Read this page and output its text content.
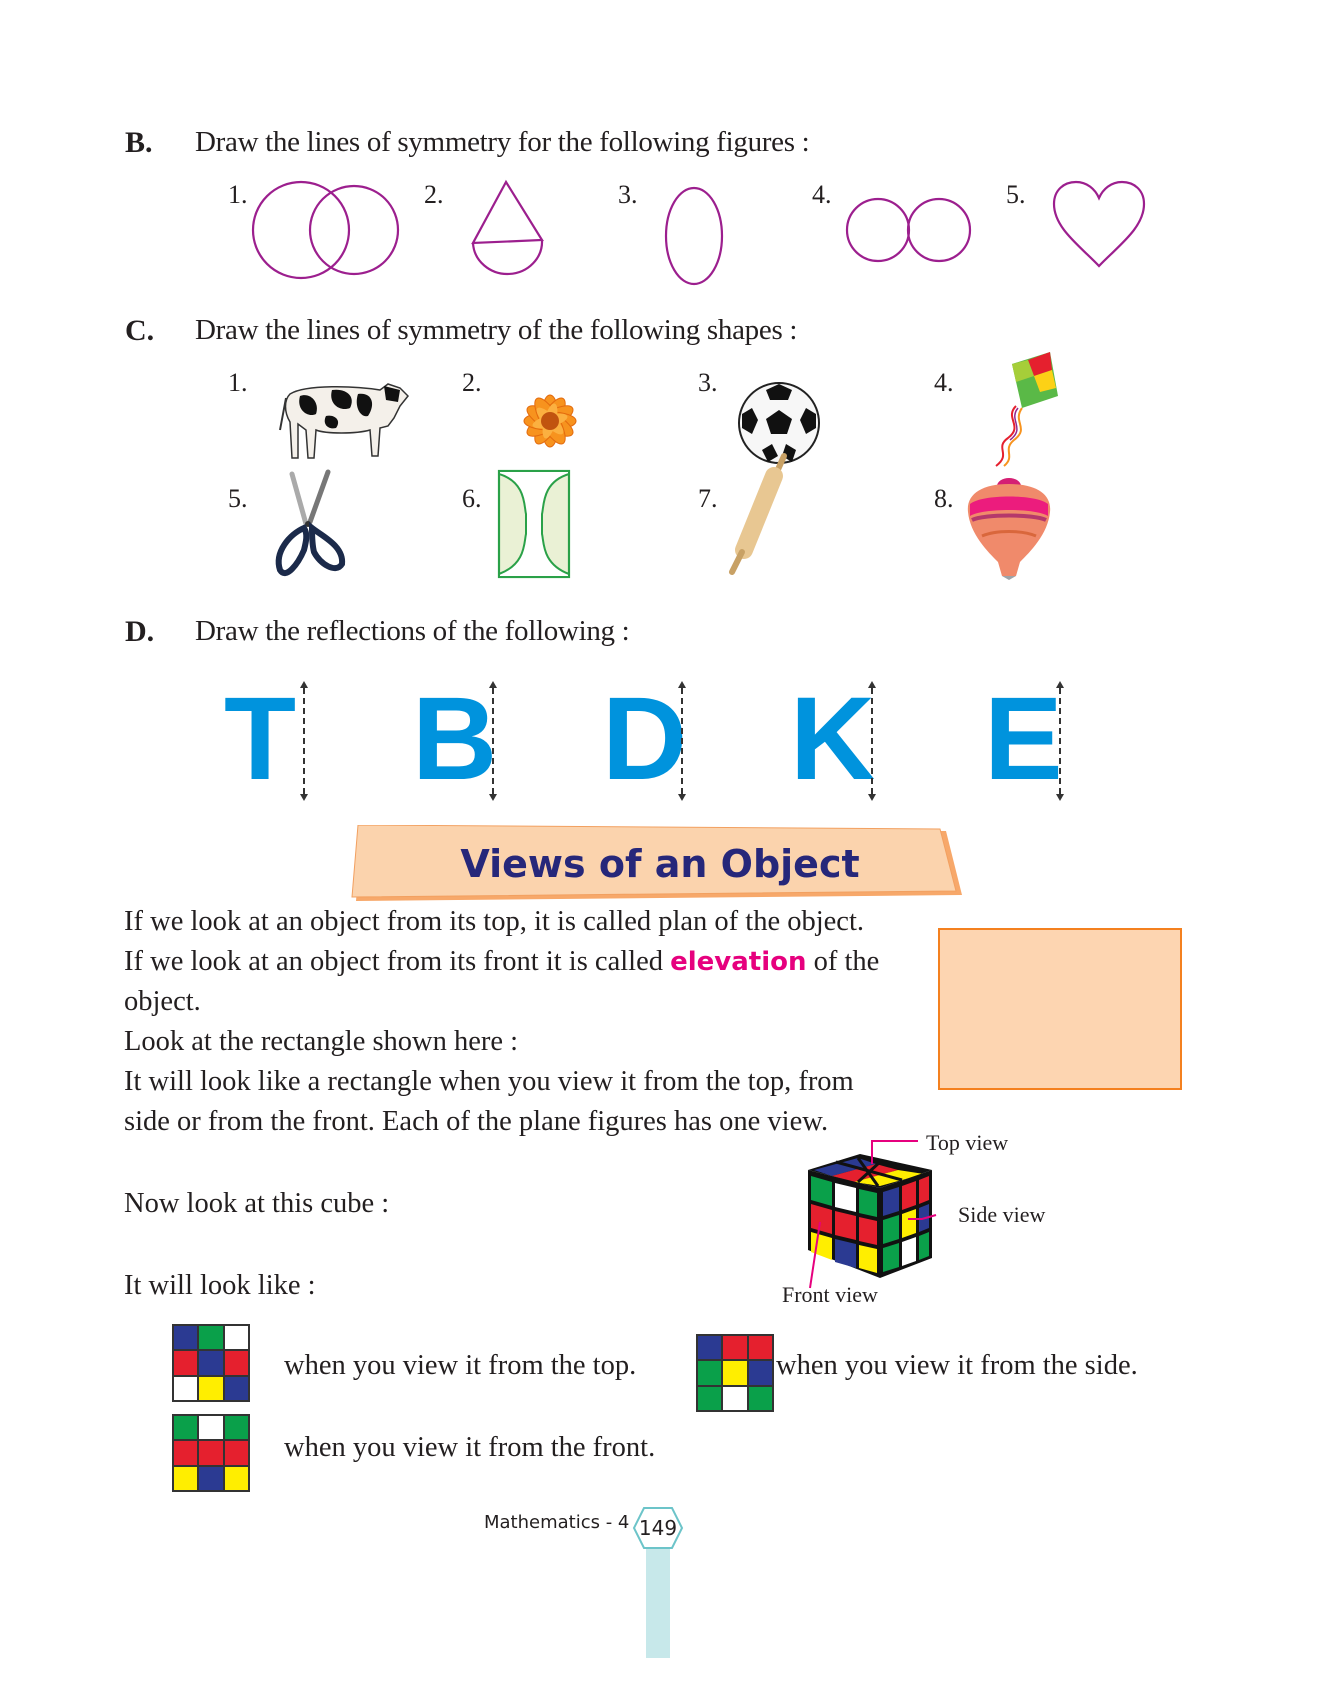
B. Draw the lines of symmetry for the following figures :
1.	2.	3.	4.	5.
C. Draw the lines of symmetry of the following shapes :
1.	2.	3.	4.
5.	6.	7.	8.
D. Draw the reflections of the following :
T B D K E
Views of an Object
If we look at an object from its top, it is called plan of the object.
If we look at an object from its front it is called elevation of the
object.
Look at the rectangle shown here :
It will look like a rectangle when you view it from the top, from
side or from the front. Each of the plane figures has one view.
Now look at this cube :
It will look like :
Top view
Side view
Front view
when you view it from the top.	when you view it from the side.
when you view it from the front.
Mathematics - 4 149
